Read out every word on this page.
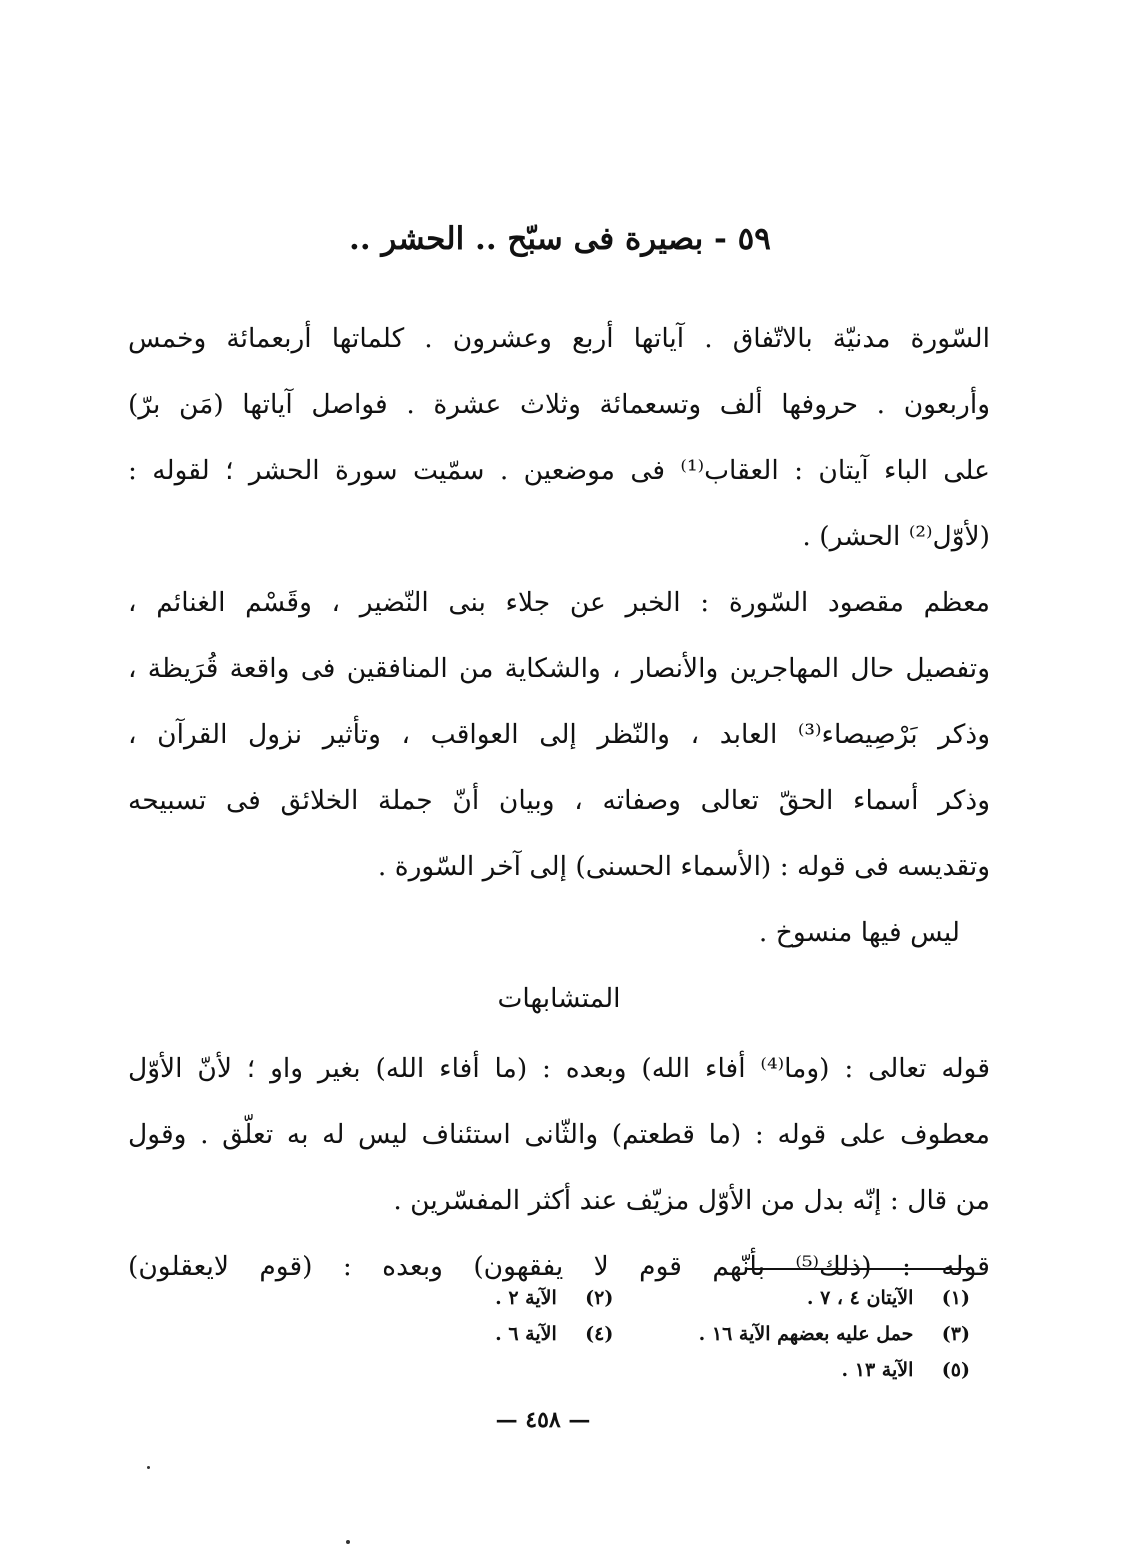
٥٩ - بصيرة فى سبّح .. الحشر ..
السّورة مدنيّة بالاتّفاق . آياتها أربع وعشرون . كلماتها أربعمائة وخمس
وأربعون . حروفها ألف وتسعمائة وثلاث عشرة . فواصل آياتها (مَن برّ)
على الباء آيتان : العقاب⁽¹⁾ فى موضعين . سمّيت سورة الحشر ؛ لقوله :
(لأوّل⁽²⁾ الحشر) .
معظم مقصود السّورة : الخبر عن جلاء بنى النّضير ، وقَسْم الغنائم ،
وتفصيل حال المهاجرين والأنصار ، والشكاية من المنافقين فى واقعة قُرَيظة ،
وذكر بَرْصِيصاء⁽³⁾ العابد ، والنّظر إلى العواقب ، وتأثير نزول القرآن ،
وذكر أسماء الحقّ تعالى وصفاته ، وبيان أنّ جملة الخلائق فى تسبيحه
وتقديسه فى قوله : (الأسماء الحسنى) إلى آخر السّورة .
ليس فيها منسوخ .
المتشابهات
قوله تعالى : (وما⁽⁴⁾ أفاء الله) وبعده : (ما أفاء الله) بغير واو ؛ لأنّ الأوّل
معطوف على قوله : (ما قطعتم) والثّانى استئناف ليس له به تعلّق . وقول
من قال : إنّه بدل من الأوّل مزيّف عند أكثر المفسّرين .
قوله : (ذلك⁽⁵⁾ بأنّهم قوم لا يفقهون) وبعده : (قوم لايعقلون)
(١) الآيتان ٤ ، ٧ . (٢) الآية ٢ .
(٣) حمل عليه بعضهم الآية ١٦ . (٤) الآية ٦ .
(٥) الآية ١٣ .
— ٤٥٨ —
